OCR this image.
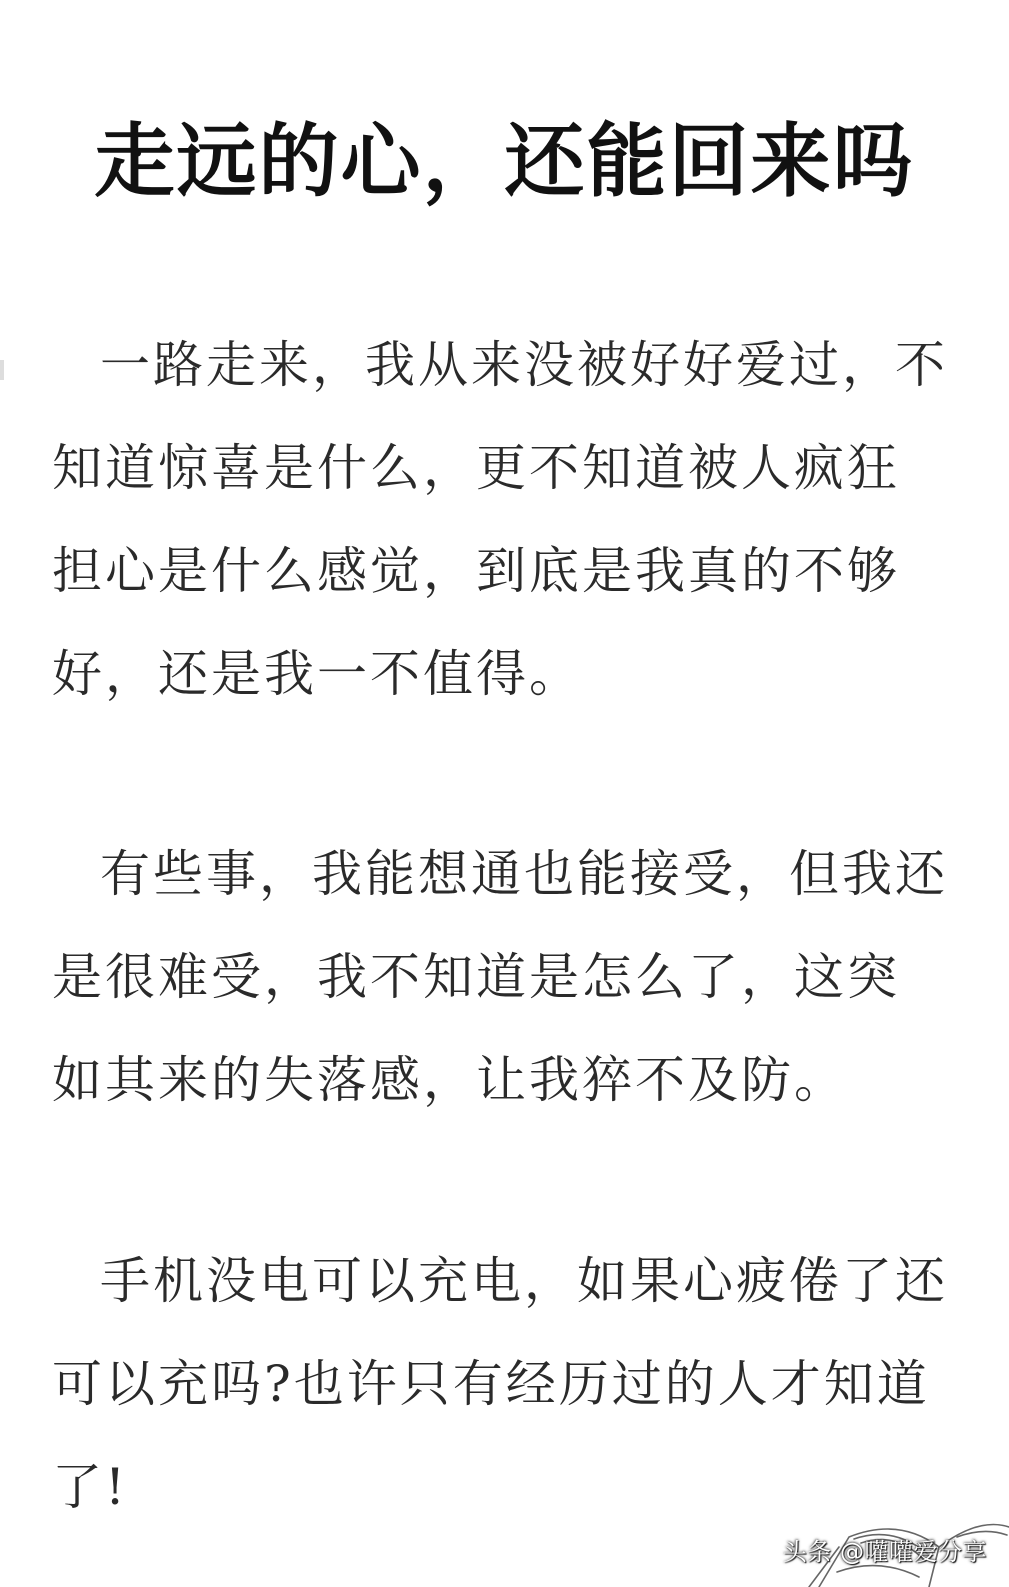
走远的心，还能回来吗
一路走来，我从来没被好好爱过，不知道惊喜是什么，更不知道被人疯狂担心是什么感觉，到底是我真的不够好，还是我一不值得。
有些事，我能想通也能接受，但我还是很难受，我不知道是怎么了，这突如其来的失落感，让我猝不及防。
手机没电可以充电，如果心疲倦了还可以充吗?也许只有经历过的人才知道了!
头条 @嚾嚾爱分享
